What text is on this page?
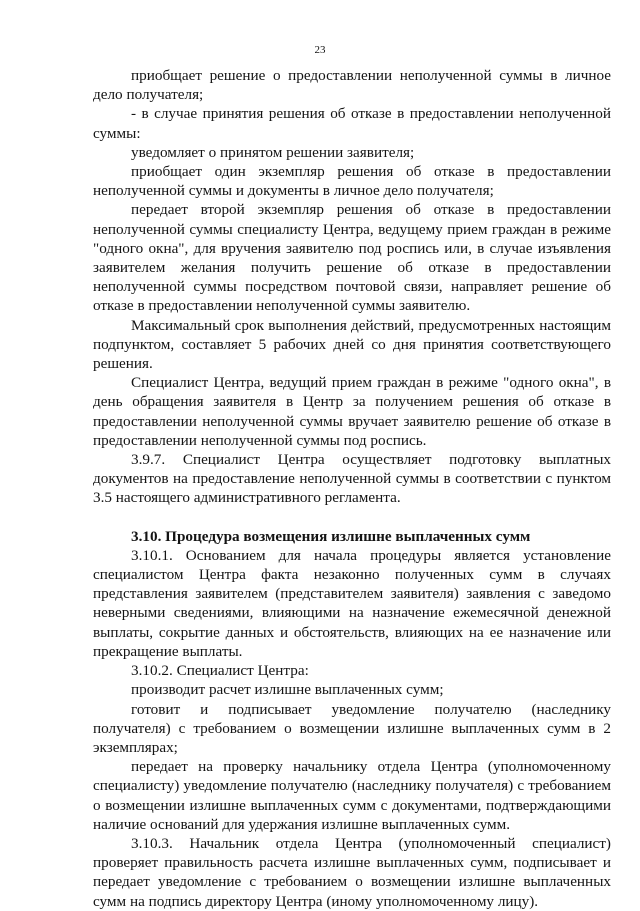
23

приобщает решение о предоставлении неполученной суммы в личное дело получателя;

- в случае принятия решения об отказе в предоставлении неполученной суммы:

уведомляет о принятом решении заявителя;

приобщает один экземпляр решения об отказе в предоставлении неполученной суммы и документы в личное дело получателя;

передает второй экземпляр решения об отказе в предоставлении неполученной суммы специалисту Центра, ведущему прием граждан в режиме "одного окна", для вручения заявителю под роспись или, в случае изъявления заявителем желания получить решение об отказе в предоставлении неполученной суммы посредством почтовой связи, направляет решение об отказе в предоставлении неполученной суммы заявителю.

Максимальный срок выполнения действий, предусмотренных настоящим подпунктом, составляет 5 рабочих дней со дня принятия соответствующего решения.

Специалист Центра, ведущий прием граждан в режиме "одного окна", в день обращения заявителя в Центр за получением решения об отказе в предоставлении неполученной суммы вручает заявителю решение об отказе в предоставлении неполученной суммы под роспись.

3.9.7. Специалист Центра осуществляет подготовку выплатных документов на предоставление неполученной суммы в соответствии с пунктом 3.5 настоящего административного регламента.

3.10. Процедура возмещения излишне выплаченных сумм

3.10.1. Основанием для начала процедуры является установление специалистом Центра факта незаконно полученных сумм в случаях представления заявителем (представителем заявителя) заявления с заведомо неверными сведениями, влияющими на назначение ежемесячной денежной выплаты, сокрытие данных и обстоятельств, влияющих на ее назначение или прекращение выплаты.

3.10.2. Специалист Центра:

производит расчет излишне выплаченных сумм;

готовит и подписывает уведомление получателю (наследнику получателя) с требованием о возмещении излишне выплаченных сумм в 2 экземплярах;

передает на проверку начальнику отдела Центра (уполномоченному специалисту) уведомление получателю (наследнику получателя) с требованием о возмещении излишне выплаченных сумм с документами, подтверждающими наличие оснований для удержания излишне выплаченных сумм.

3.10.3. Начальник отдела Центра (уполномоченный специалист) проверяет правильность расчета излишне выплаченных сумм, подписывает и передает уведомление с требованием о возмещении излишне выплаченных сумм на подпись директору Центра (иному уполномоченному лицу).
